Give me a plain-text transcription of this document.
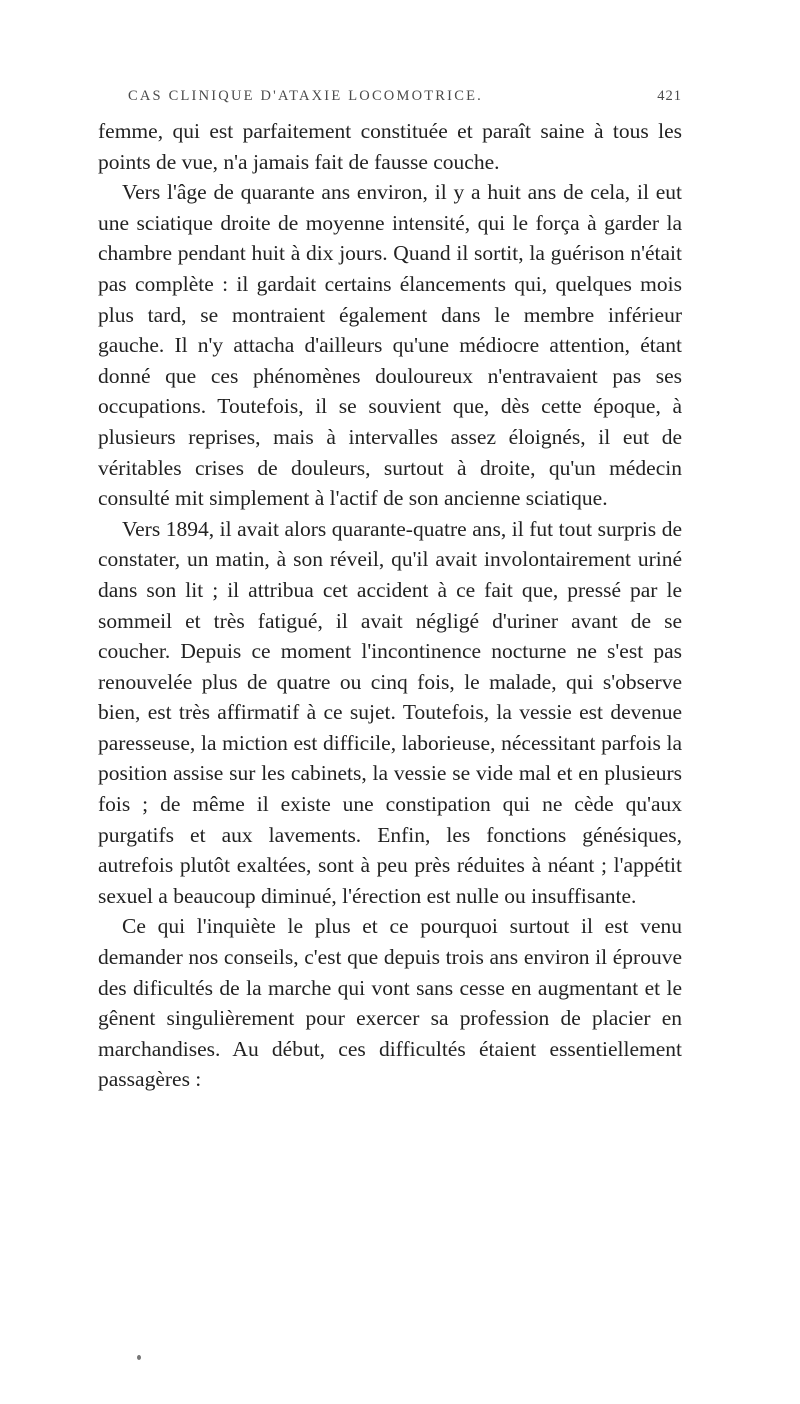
CAS CLINIQUE D'ATAXIE LOCOMOTRICE.	421

femme, qui est parfaitement constituée et paraît saine à tous les points de vue, n'a jamais fait de fausse couche.

Vers l'âge de quarante ans environ, il y a huit ans de cela, il eut une sciatique droite de moyenne intensité, qui le força à garder la chambre pendant huit à dix jours. Quand il sortit, la guérison n'était pas complète : il gardait certains élancements qui, quelques mois plus tard, se montraient également dans le membre inférieur gauche. Il n'y attacha d'ailleurs qu'une médiocre attention, étant donné que ces phénomènes douloureux n'entravaient pas ses occupations. Toutefois, il se souvient que, dès cette époque, à plusieurs reprises, mais à intervalles assez éloignés, il eut de véritables crises de douleurs, surtout à droite, qu'un médecin consulté mit simplement à l'actif de son ancienne sciatique.

Vers 1894, il avait alors quarante-quatre ans, il fut tout surpris de constater, un matin, à son réveil, qu'il avait involontairement uriné dans son lit ; il attribua cet accident à ce fait que, pressé par le sommeil et très fatigué, il avait négligé d'uriner avant de se coucher. Depuis ce moment l'incontinence nocturne ne s'est pas renouvelée plus de quatre ou cinq fois, le malade, qui s'observe bien, est très affirmatif à ce sujet. Toutefois, la vessie est devenue paresseuse, la miction est difficile, laborieuse, nécessitant parfois la position assise sur les cabinets, la vessie se vide mal et en plusieurs fois ; de même il existe une constipation qui ne cède qu'aux purgatifs et aux lavements. Enfin, les fonctions génésiques, autrefois plutôt exaltées, sont à peu près réduites à néant ; l'appétit sexuel a beaucoup diminué, l'érection est nulle ou insuffisante.

Ce qui l'inquiète le plus et ce pourquoi surtout il est venu demander nos conseils, c'est que depuis trois ans environ il éprouve des dificultés de la marche qui vont sans cesse en augmentant et le gênent singulièrement pour exercer sa profession de placier en marchandises. Au début, ces difficultés étaient essentiellement passagères :
